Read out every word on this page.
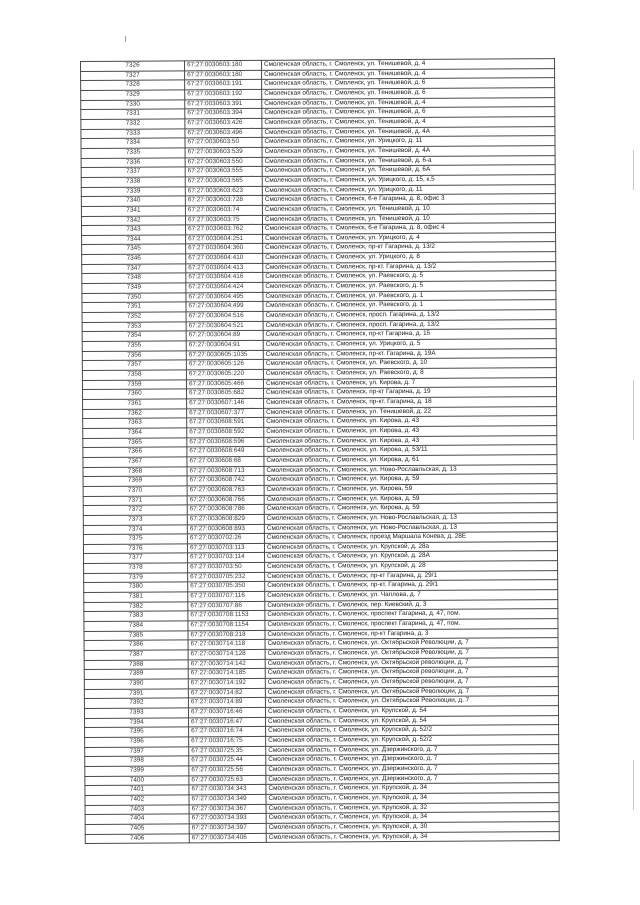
7326	67:27:0030603:180	Смоленская область, г. Смоленск, ул. Тенишевой, д. 4
7327	67:27:0030603:180	Смоленская область, г. Смоленск, ул. Тенишевой, д. 4
7328	67:27:0030603:191	Смоленская область, г. Смоленск, ул. Тенишевой, д. 6
7329	67:27:0030603:192	Смоленская область, г. Смоленск, ул. Тенишевой, д. 6
7330	67:27:0030603:391	Смоленская область, г. Смоленск, ул. Тенишевой, д. 4
7331	67:27:0030603:394	Смоленская область, г. Смоленск, ул. Тенишевой, д. 6
7332	67:27:0030603:426	Смоленская область, г. Смоленск, ул. Тенишевой, д. 4
7333	67:27:0030603:496	Смоленская область, г. Смоленск, ул. Тенишевой, д. 4А
7334	67:27:0030603:50	Смоленская область, г. Смоленск, ул. Урицкого, д. 11
7335	67:27:0030603:539	Смоленская область, г. Смоленск, ул. Тенишевой, д. 4А
7336	67:27:0030603:550	Смоленская область, г. Смоленск, ул. Тенишевой, д. 6-а
7337	67:27:0030603:555	Смоленская область, г. Смоленск, ул. Тенишевой, д. 6А
7338	67:27:0030603:565	Смоленская область, г. Смоленск, ул. Урицкого, д. 15, к.5
7339	67:27:0030603:623	Смоленская область, г. Смоленск, ул. Урицкого, д. 11
7340	67:27:0030603:728	Смоленская область, г. Смоленск, 6-е Гагарина, д. 8, офис 3
7341	67:27:0030603:74	Смоленская область, г. Смоленск, ул. Тенишевой, д. 10
7342	67:27:0030603:75	Смоленская область, г. Смоленск, ул. Тенишевой, д. 10
7343	67:27:0030603:762	Смоленская область, г. Смоленск, 6-е Гагарина, д. 8, офис 4
7344	67:27:0030604:251	Смоленская область, г. Смоленск, ул. Урицкого, д. 4
7345	67:27:0030604:360	Смоленская область, г. Смоленск, пр-кт Гагарина, д. 13/2
7346	67:27:0030604:410	Смоленская область, г. Смоленск, ул. Урицкого, д. 8
7347	67:27:0030604:413	Смоленская область, г. Смоленск, пр-кт. Гагарина, д. 13/2
7348	67:27:0030604:416	Смоленская область, г. Смоленск, ул. Раевского, д. 5
7349	67:27:0030604:424	Смоленская область, г. Смоленск, ул. Раевского, д. 5
7350	67:27:0030604:495	Смоленская область, г. Смоленск, ул. Раевского, д. 1
7351	67:27:0030604:499	Смоленская область, г. Смоленск, ул. Раевского, д. 1
7352	67:27:0030604:516	Смоленская область, г. Смоленск, просп. Гагарина, д. 13/2
7353	67:27:0030604:521	Смоленская область, г. Смоленск, просп. Гагарина, д. 13/2
7354	67:27:0030604:89	Смоленская область, г. Смоленск, пр-кт Гагарина, д. 15
7355	67:27:0030604:91	Смоленская область, г. Смоленск, ул. Урицкого, д. 5
7356	67:27:0030605:1035	Смоленская область, г. Смоленск, пр-кт. Гагарина, д. 19А
7357	67:27:0030605:126	Смоленская область, г. Смоленск, ул. Раевского, д. 10
7358	67:27:0030605:220	Смоленская область, г. Смоленск, ул. Раевского, д. 8
7359	67:27:0030605:466	Смоленская область, г. Смоленск, ул. Кирова, д. 7
7360	67:27:0030605:682	Смоленская область, г. Смоленск, пр-кт Гагарина, д. 19
7361	67:27:0030607:146	Смоленская область, г. Смоленск, пр-кт. Гагарина, д. 18
7362	67:27:0030607:377	Смоленская область, г. Смоленск, ул. Тенишевой, д. 22
7363	67:27:0030608:591	Смоленская область, г. Смоленск, ул. Кирова, д. 43
7364	67:27:0030608:592	Смоленская область, г. Смоленск, ул. Кирова, д. 43
7365	67:27:0030608:596	Смоленская область, г. Смоленск, ул. Кирова, д. 43
7366	67:27:0030608:649	Смоленская область, г. Смоленск, ул. Кирова, д. 53/11
7367	67:27:0030608:68	Смоленская область, г. Смоленск, ул. Кирова, д. 61
7368	67:27:0030608:713	Смоленская область, г. Смоленск, ул. Ново-Рославльская, д. 13
7369	67:27:0030608:742	Смоленская область, г. Смоленск, ул. Кирова, д. 59
7370	67:27:0030608:763	Смоленская область, г. Смоленск, ул. Кирова, 59
7371	67:27:0030608:766	Смоленская область, г. Смоленск, ул. Кирова, д. 59
7372	67:27:0030608:786	Смоленская область, г. Смоленск, ул. Кирова, д. 59
7373	67:27:0030608:829	Смоленская область, г. Смоленск, ул. Ново-Рославльская, д. 13
7374	67:27:0030608:893	Смоленская область, г. Смоленск, ул. Ново-Рославльская, д. 13
7375	67:27:0030702:26	Смоленская область, г. Смоленск, проезд Маршала Конева, д. 28Е
7376	67:27:0030703:113	Смоленская область, г. Смоленск, ул. Крупской, д. 28а
7377	67:27:0030703:114	Смоленская область, г. Смоленск, ул. Крупской, д. 28А
7378	67:27:0030703:50	Смоленская область, г. Смоленск, ул. Крупской, д. 28
7379	67:27:0030705:232	Смоленская область, г. Смоленск, пр-кт Гагарина, д. 29/1
7380	67:27:0030705:350	Смоленская область, г. Смоленск, пр-кт. Гагарина, д. 29/1
7381	67:27:0030707:116	Смоленская область, г. Смоленск, ул. Чаплова, д. 7
7382	67:27:0030707:86	Смоленская область, г. Смоленск, пер. Киевский, д. 3
7383	67:27:0030708:1153	Смоленская область, г. Смоленск, проспект Гагарина, д. 47, пом.
7384	67:27:0030708:1154	Смоленская область, г. Смоленск, проспект Гагарина, д. 47, пом.
7385	67:27:0030708:218	Смоленская область, г. Смоленск, пр-кт Гагарина, д. 3
7386	67:27:0030714:118	Смоленская область, г. Смоленск, ул. Октябрьской Революции, д. 7
7387	67:27:0030714:128	Смоленская область, г. Смоленск, ул. Октябрьской Революции, д. 7
7388	67:27:0030714:142	Смоленская область, г. Смоленск, ул. Октябрьской революции, д. 7
7389	67:27:0030714:185	Смоленская область, г. Смоленск, ул. Октябрьской революции, д. 7
7390	67:27:0030714:192	Смоленская область, г. Смоленск, ул. Октябрьской революции, д. 7
7391	67:27:0030714:82	Смоленская область, г. Смоленск, ул. Октябрьской Революции, д. 7
7392	67:27:0030714:89	Смоленская область, г. Смоленск, ул. Октябрьской Революции, д. 7
7393	67:27:0030716:46	Смоленская область, г. Смоленск, ул. Крупской, д. 54
7394	67:27:0030716:47	Смоленская область, г. Смоленск, ул. Крупской, д. 54
7395	67:27:0030716:74	Смоленская область, г. Смоленск, ул. Крупской, д. 52/2
7396	67:27:0030716:75	Смоленская область, г. Смоленск, ул. Крупской, д. 52/2
7397	67:27:0030725:35	Смоленская область, г. Смоленск, ул. Дзержинского, д. 7
7398	67:27:0030725:44	Смоленская область, г. Смоленск, ул. Дзержинского, д. 7
7399	67:27:0030725:56	Смоленская область, г. Смоленск, ул. Дзержинского, д. 7
7400	67:27:0030725:63	Смоленская область, г. Смоленск, ул. Дзержинского, д. 7
7401	67:27:0030734:343	Смоленская область, г. Смоленск, ул. Крупской, д. 34
7402	67:27:0030734:349	Смоленская область, г. Смоленск, ул. Крупской, д. 34
7403	67:27:0030734:367	Смоленская область, г. Смоленск, ул. Крупской, д. 32
7404	67:27:0030734:393	Смоленская область, г. Смоленск, ул. Крупской, д. 34
7405	67:27:0030734:397	Смоленская область, г. Смоленск, ул. Крупской, д. 30
7406	67:27:0030734:406	Смоленская область, г. Смоленск, ул. Крупской, д. 34
